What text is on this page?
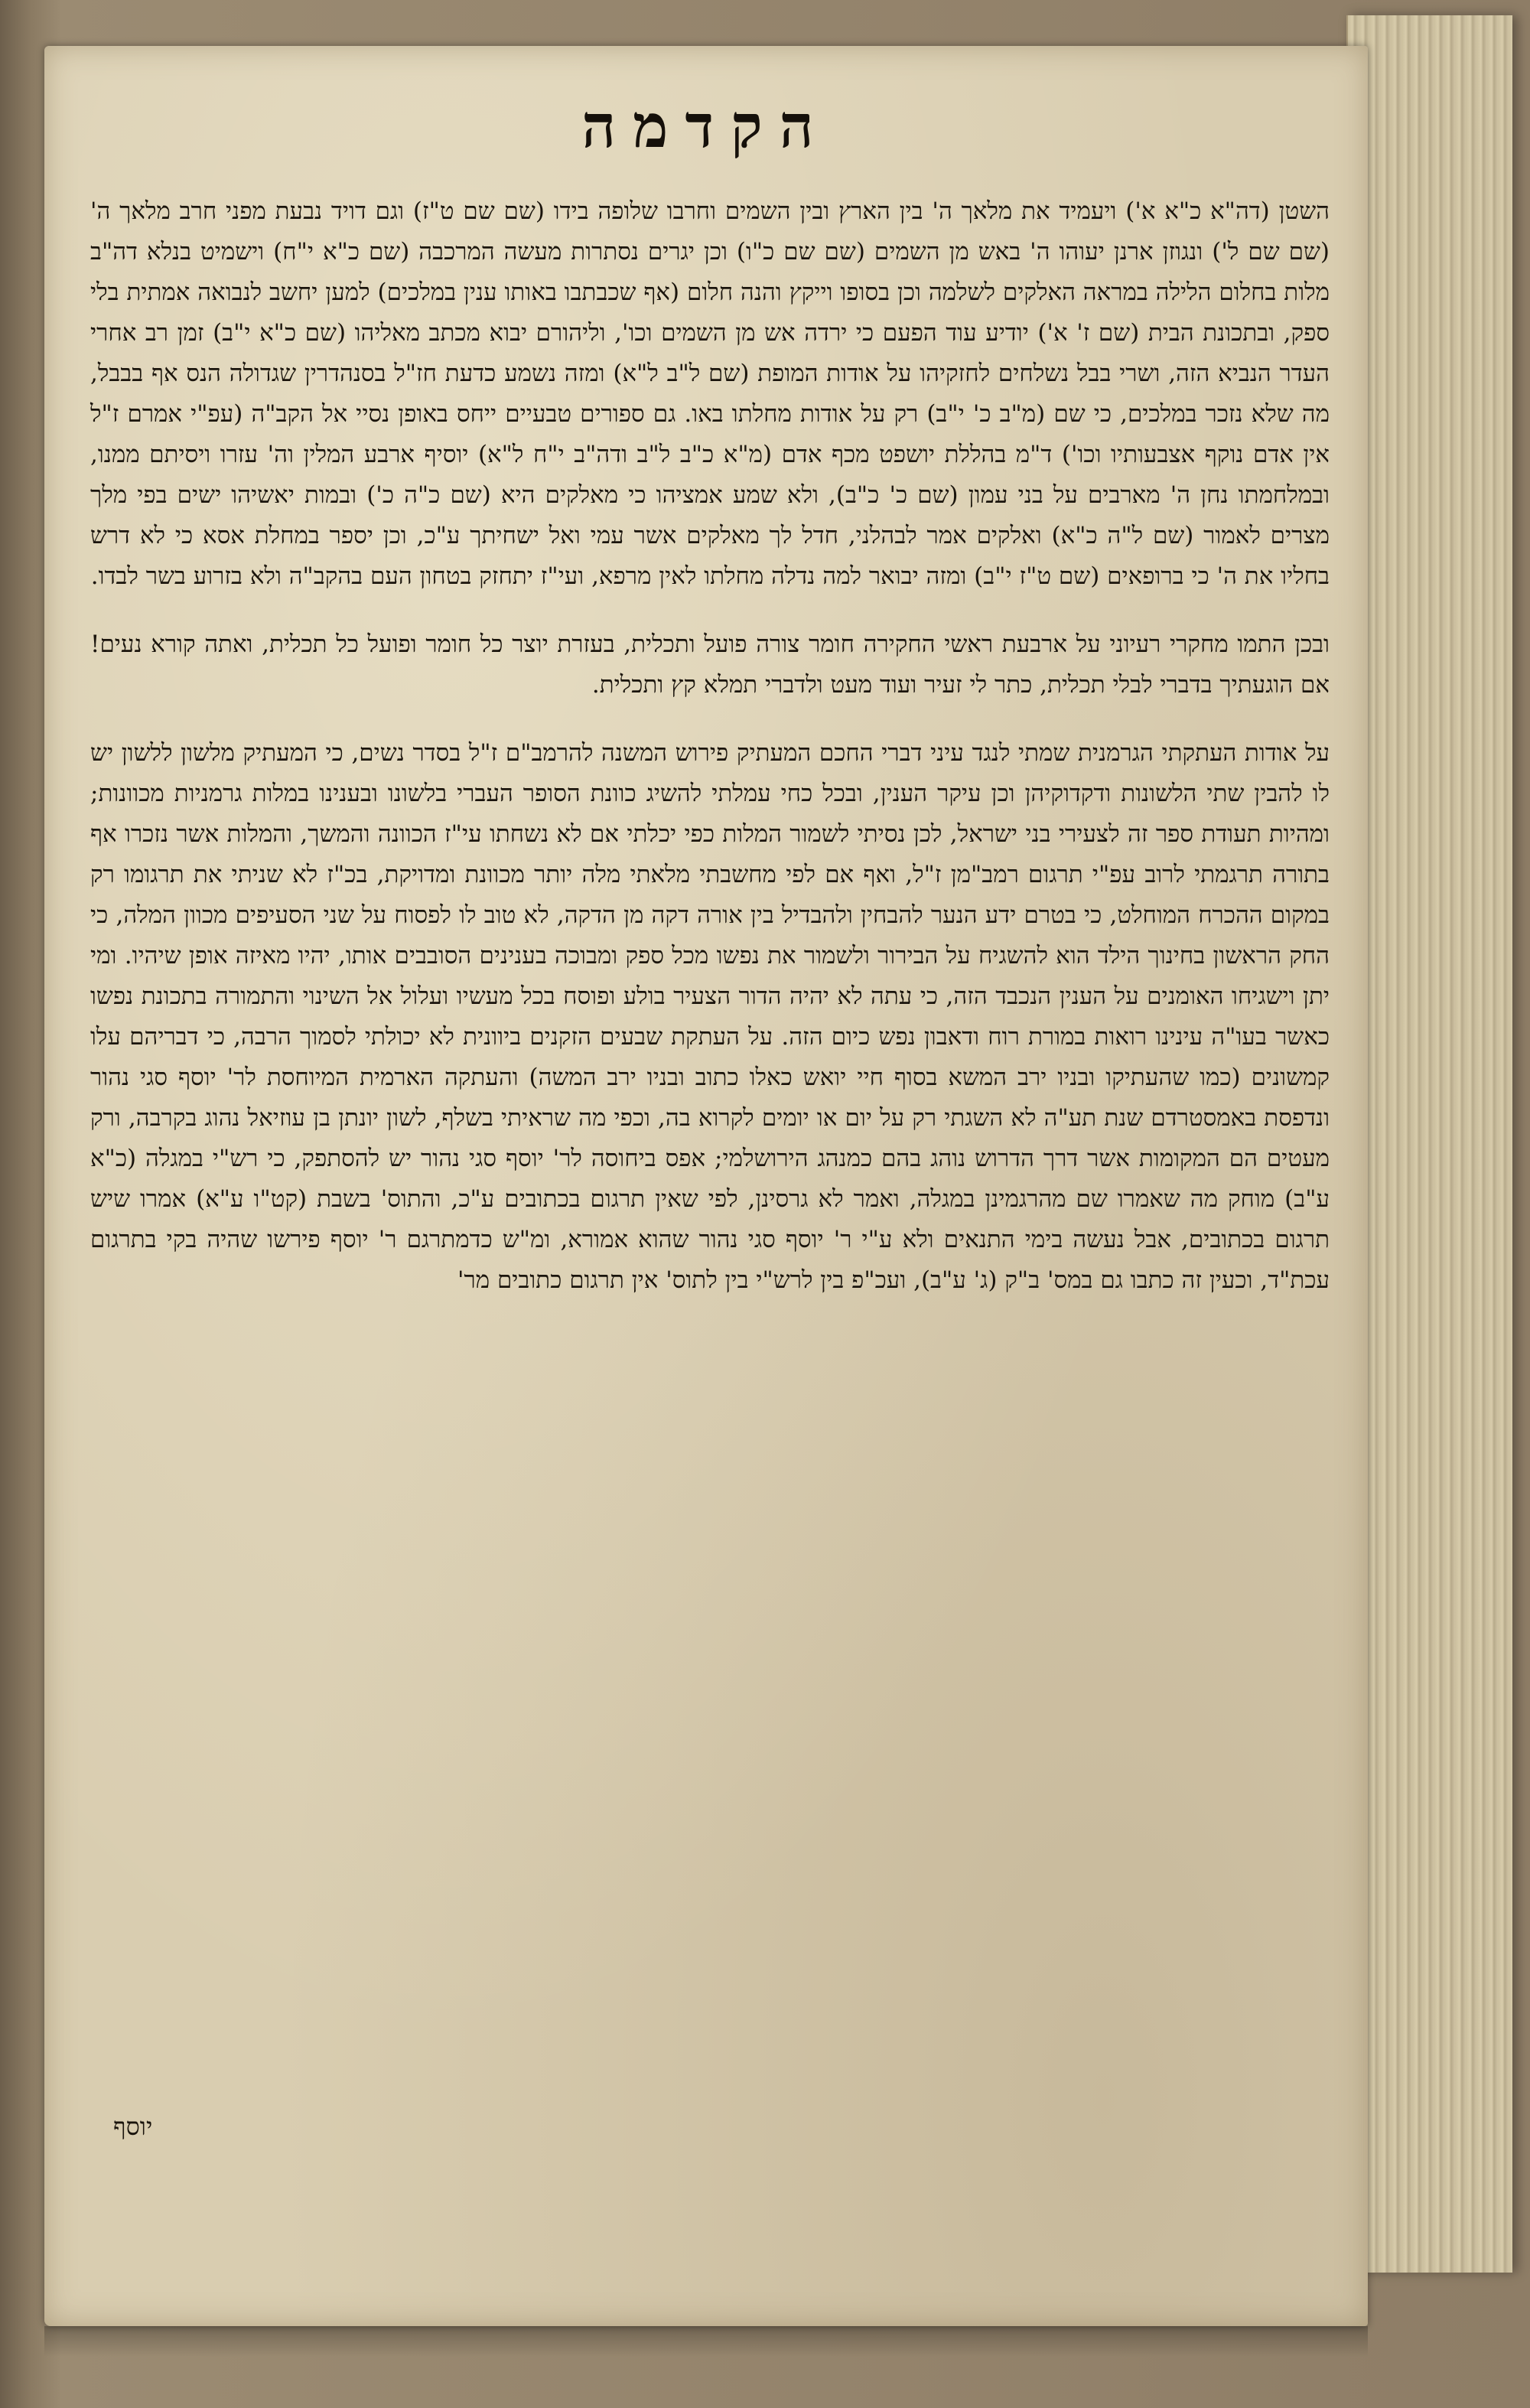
הקדמה

השטן (דה"א כ"א א') ויעמיד את מלאך ה' בין הארץ ובין השמים וחרבו שלופה בידו (שם שם ט"ז) וגם דויד נבעת מפני חרב מלאך ה' (שם שם ל') ונגוזן ארנן יעוהו ה' באש מן השמים (שם שם כ"ו) וכן יגרים נסתרות מעשה המרכבה (שם כ"א י"ח) וישמיט בנלא דה"ב מלות בחלום הלילה במראה האלקים לשלמה וכן בסופו וייקץ והנה חלום (אף שכבתבו באותו ענין במלכים) למען יחשב לנבואה אמתית בלי ספק, ובתכונת הבית (שם ז' א') יודיע עוד הפעם כי ירדה אש מן השמים וכו', וליהורם יבוא מכתב מאליהו (שם כ"א י"ב) זמן רב אחרי העדר הנביא הזה, ושרי בבל נשלחים לחזקיהו על אודות המופת (שם ל"ב ל"א) ומזה נשמע כדעת חז"ל בסנהדרין שגדולה הנס אף בבבל, מה שלא נזכר במלכים, כי שם (מ"ב כ' י"ב) רק על אודות מחלתו באו. גם ספורים טבעיים ייחס באופן נסיי אל הקב"ה (עפ"י אמרם ז"ל אין אדם נוקף אצבעותיו וכו') ד"מ בהללת יושפט מכף אדם (מ"א כ"ב ל"ב ודה"ב י"ח ל"א) יוסיף ארבע המלין וה' עזרו ויסיתם ממנו, ובמלחמתו נחן ה' מארבים על בני עמון (שם כ' כ"ב), ולא שמע אמציהו כי מאלקים היא (שם כ"ה כ') ובמות יאשיהו ישים בפי מלך מצרים לאמור (שם ל"ה כ"א) ואלקים אמר לבהלני, חדל לך מאלקים אשר עמי ואל ישחיתך ע"כ, וכן יספר במחלת אסא כי לא דרש בחליו את ה' כי ברופאים (שם ט"ז י"ב) ומזה יבואר למה נדלה מחלתו לאין מרפא, ועי"ז יתחזק בטחון העם בהקב"ה ולא בזרוע בשר לבדו.

ובכן התמו מחקרי רעיוני על ארבעת ראשי החקירה חומר צורה פועל ותכלית, בעזרת יוצר כל חומר ופועל כל תכלית, ואתה קורא נעים! אם הוגעתיך בדברי לבלי תכלית, כתר לי זעיר ועוד מעט ולדברי תמלא קץ ותכלית.

על אודות העתקתי הגרמנית שמתי לנגד עיני דברי החכם המעתיק פירוש המשנה להרמב"ם ז"ל בסדר נשים, כי המעתיק מלשון ללשון יש לו להבין שתי הלשונות ודקדוקיהן וכן עיקר הענין, ובכל כחי עמלתי להשיג כוונת הסופר העברי בלשונו ובענינו במלות גרמניות מכוונות; ומהיות תעודת ספר זה לצעירי בני ישראל, לכן נסיתי לשמור המלות כפי יכלתי אם לא נשחתו עי"ז הכוונה והמשך, והמלות אשר נזכרו אף בתורה תרגמתי לרוב עפ"י תרגום רמב"מן ז"ל, ואף אם לפי מחשבתי מלאתי מלה יותר מכוונת ומדויקת, בכ"ז לא שניתי את תרגומו רק במקום ההכרח המוחלט, כי בטרם ידע הנער להבחין ולהבדיל בין אורה דקה מן הדקה, לא טוב לו לפסוח על שני הסעיפים מכוון המלה, כי החק הראשון בחינוך הילד הוא להשגיח על הבירור ולשמור את נפשו מכל ספק ומבוכה בענינים הסובבים אותו, יהיו מאיזה אופן שיהיו. ומי יתן וישגיחו האומנים על הענין הנכבד הזה, כי עתה לא יהיה הדור הצעיר בולע ופוסח בכל מעשיו ועלול אל השינוי והתמורה בתכונת נפשו כאשר בעו"ה עינינו רואות במורת רוח ודאבון נפש כיום הזה. על העתקת שבעים הזקנים ביוונית לא יכולתי לסמוך הרבה, כי דבריהם עלו קמשונים (כמו שהעתיקו ובניו ירב המשא בסוף חיי יואש כאלו כתוב ובניו ירב המשה) והעתקה הארמית המיוחסת לר' יוסף סגי נהור ונדפסת באמסטרדם שנת תע"ה לא השגתי רק על יום או יומים לקרוא בה, וכפי מה שראיתי בשלף, לשון יונתן בן עוזיאל נהוג בקרבה, ורק מעטים הם המקומות אשר דרך הדרוש נוהג בהם כמנהג הירושלמי; אפס ביחוסה לר' יוסף סגי נהור יש להסתפק, כי רש"י במגלה (כ"א ע"ב) מוחק מה שאמרו שם מהרגמינן במגלה, ואמר לא גרסינן, לפי שאין תרגום בכתובים ע"כ, והתוס' בשבת (קט"ו ע"א) אמרו שיש תרגום בכתובים, אבל נעשה בימי התנאים ולא ע"י ר' יוסף סגי נהור שהוא אמורא, ומ"ש כדמתרגם ר' יוסף פירשו שהיה בקי בתרגום עכת"ד, וכעין זה כתבו גם במס' ב"ק (ג' ע"ב), ועכ"פ בין לרש"י בין לתוס' אין תרגום כתובים מר'

יוסף
